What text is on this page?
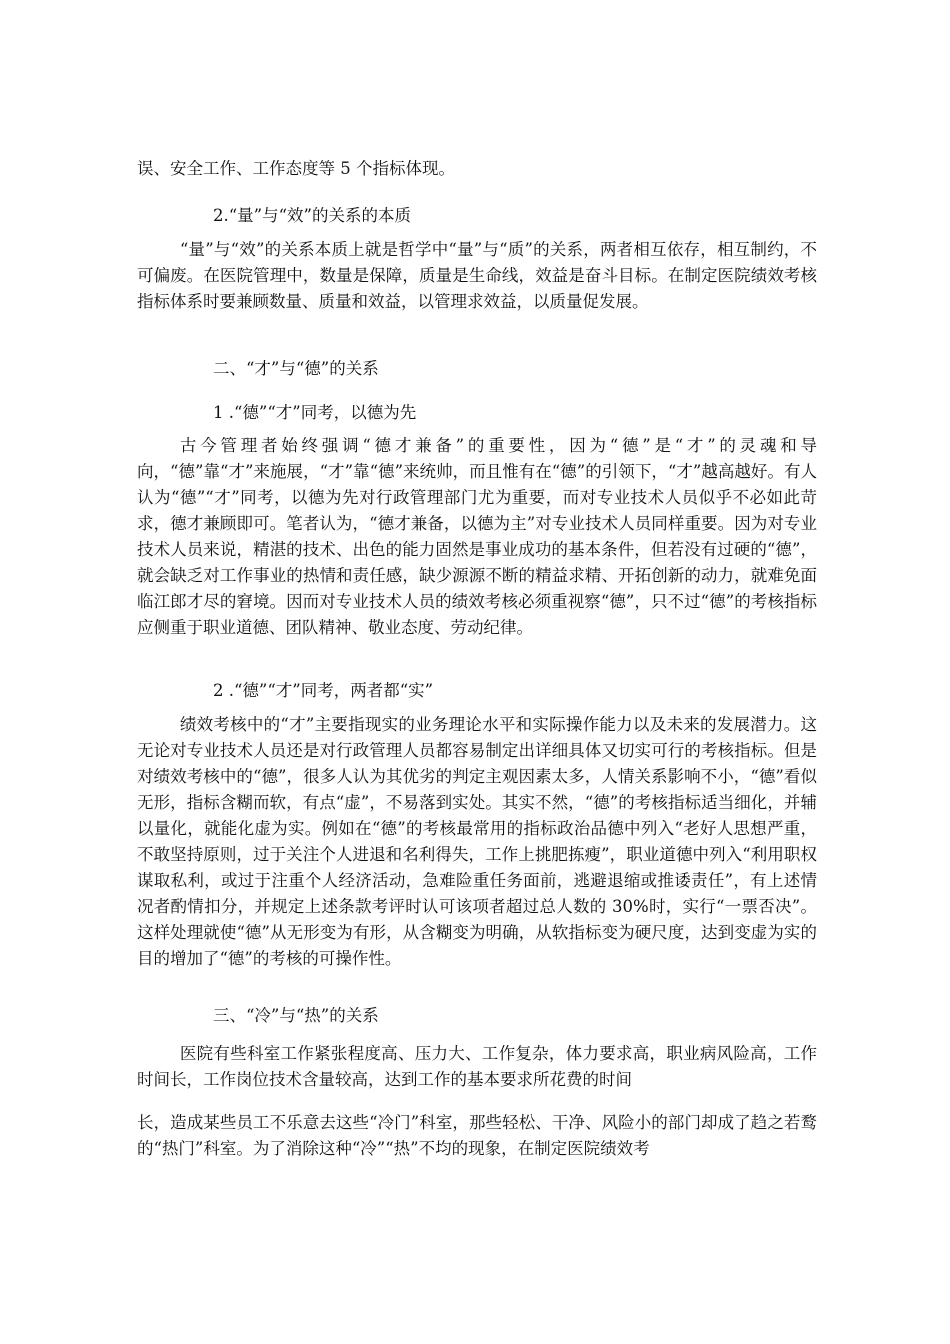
误、安全工作、工作态度等 5 个指标体现。

2.“量”与“效”的关系的本质

“量”与“效”的关系本质上就是哲学中“量”与“质”的关系，两者相互依存，相互制约，不可偏废。在医院管理中，数量是保障，质量是生命线，效益是奋斗目标。在制定医院绩效考核指标体系时要兼顾数量、质量和效益，以管理求效益，以质量促发展。

二、“才”与“德”的关系
1 .“德”“才”同考，以德为先

古今管理者始终强调“德才兼备”的重要性，因为“德”是“才”的灵魂和导向，“德”靠“才”来施展，“才”靠“德”来统帅，而且惟有在“德”的引领下，“才”越高越好。有人认为“德”“才”同考，以德为先对行政管理部门尤为重要，而对专业技术人员似乎不必如此苛求，德才兼顾即可。笔者认为，“德才兼备，以德为主”对专业技术人员同样重要。因为对专业技术人员来说，精湛的技术、出色的能力固然是事业成功的基本条件，但若没有过硬的“德”，就会缺乏对工作事业的热情和责任感，缺少源源不断的精益求精、开拓创新的动力，就难免面临江郎才尽的窘境。因而对专业技术人员的绩效考核必须重视察“德”，只不过“德”的考核指标应侧重于职业道德、团队精神、敬业态度、劳动纪律。

2 .“德”“才”同考，两者都“实”

绩效考核中的“才”主要指现实的业务理论水平和实际操作能力以及未来的发展潜力。这无论对专业技术人员还是对行政管理人员都容易制定出详细具体又切实可行的考核指标。但是对绩效考核中的“德”，很多人认为其优劣的判定主观因素太多，人情关系影响不小，“德”看似无形，指标含糊而软，有点“虚”，不易落到实处。其实不然，“德”的考核指标适当细化，并辅以量化，就能化虚为实。例如在“德”的考核最常用的指标政治品德中列入“老好人思想严重，不敢坚持原则，过于关注个人进退和名利得失，工作上挑肥拣瘦”，职业道德中列入“利用职权谋取私利，或过于注重个人经济活动，急难险重任务面前，逃避退缩或推诿责任”，有上述情况者酌情扣分，并规定上述条款考评时认可该项者超过总人数的 30%时，实行“一票否决”。这样处理就使“德”从无形变为有形，从含糊变为明确，从软指标变为硬尺度，达到变虚为实的目的增加了“德”的考核的可操作性。

三、“冷”与“热”的关系

医院有些科室工作紧张程度高、压力大、工作复杂，体力要求高，职业病风险高，工作时间长，工作岗位技术含量较高，达到工作的基本要求所花费的时间

长，造成某些员工不乐意去这些“冷门”科室，那些轻松、干净、风险小的部门却成了趋之若鹜的“热门”科室。为了消除这种“冷”“热”不均的现象，在制定医院绩效考
